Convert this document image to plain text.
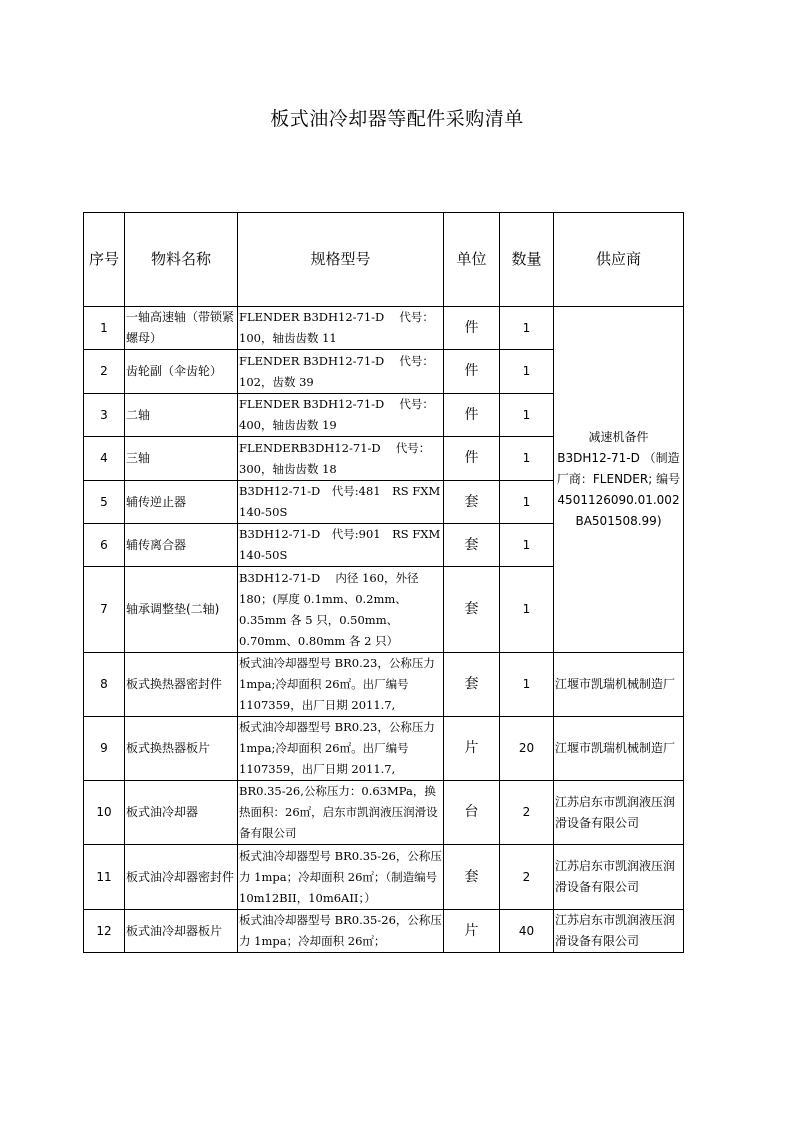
板式油冷却器等配件采购清单
序号	物料名称	规格型号	单位	数量	供应商
1	一轴高速轴（带锁紧螺母）	FLENDER B3DH12-71-D　 代号：100，轴齿齿数 11	件	1	减速机备件
B3DH12-71-D （制造
厂商：FLENDER; 编号
4501126090.01.002
BA501508.99)

2	齿轮副（伞齿轮）	FLENDER B3DH12-71-D　 代号：102，齿数 39	件	1	
3	二轴	FLENDER B3DH12-71-D　 代号：400，轴齿齿数 19	件	1	
4	三轴	FLENDERB3DH12-71-D　 代号：300，轴齿齿数 18	件	1	
5	辅传逆止器	B3DH12-71-D　代号:481　RS FXM 140-50S	套	1	
6	辅传离合器	B3DH12-71-D　代号:901　RS FXM 140-50S	套	1	
7	轴承调整垫(二轴)	B3DH12-71-D　 内径 160，外径 180；(厚度 0.1mm、0.2mm、0.35mm 各 5 只，0.50mm、0.70mm、0.80mm 各 2 只）	套	1	
8	板式换热器密封件	板式油冷却器型号 BR0.23，公称压力 1mpa;冷却面积 26㎡。出厂编号 1107359，出厂日期 2011.7,	套	1	江堰市凯瑞机械制造厂
9	板式换热器板片	板式油冷却器型号 BR0.23，公称压力 1mpa;冷却面积 26㎡。出厂编号 1107359，出厂日期 2011.7,	片	20	江堰市凯瑞机械制造厂
10	板式油冷却器	BR0.35-26,公称压力：0.63MPa，换热面积：26㎡，启东市凯润液压润滑设备有限公司	台	2	江苏启东市凯润液压润滑设备有限公司
11	板式油冷却器密封件	板式油冷却器型号 BR0.35-26，公称压力 1mpa；冷却面积 26㎡；（制造编号 10m12BII，10m6AII；）	套	2	江苏启东市凯润液压润滑设备有限公司
12	板式油冷却器板片	板式油冷却器型号 BR0.35-26，公称压力 1mpa；冷却面积 26㎡；	片	40	江苏启东市凯润液压润滑设备有限公司
